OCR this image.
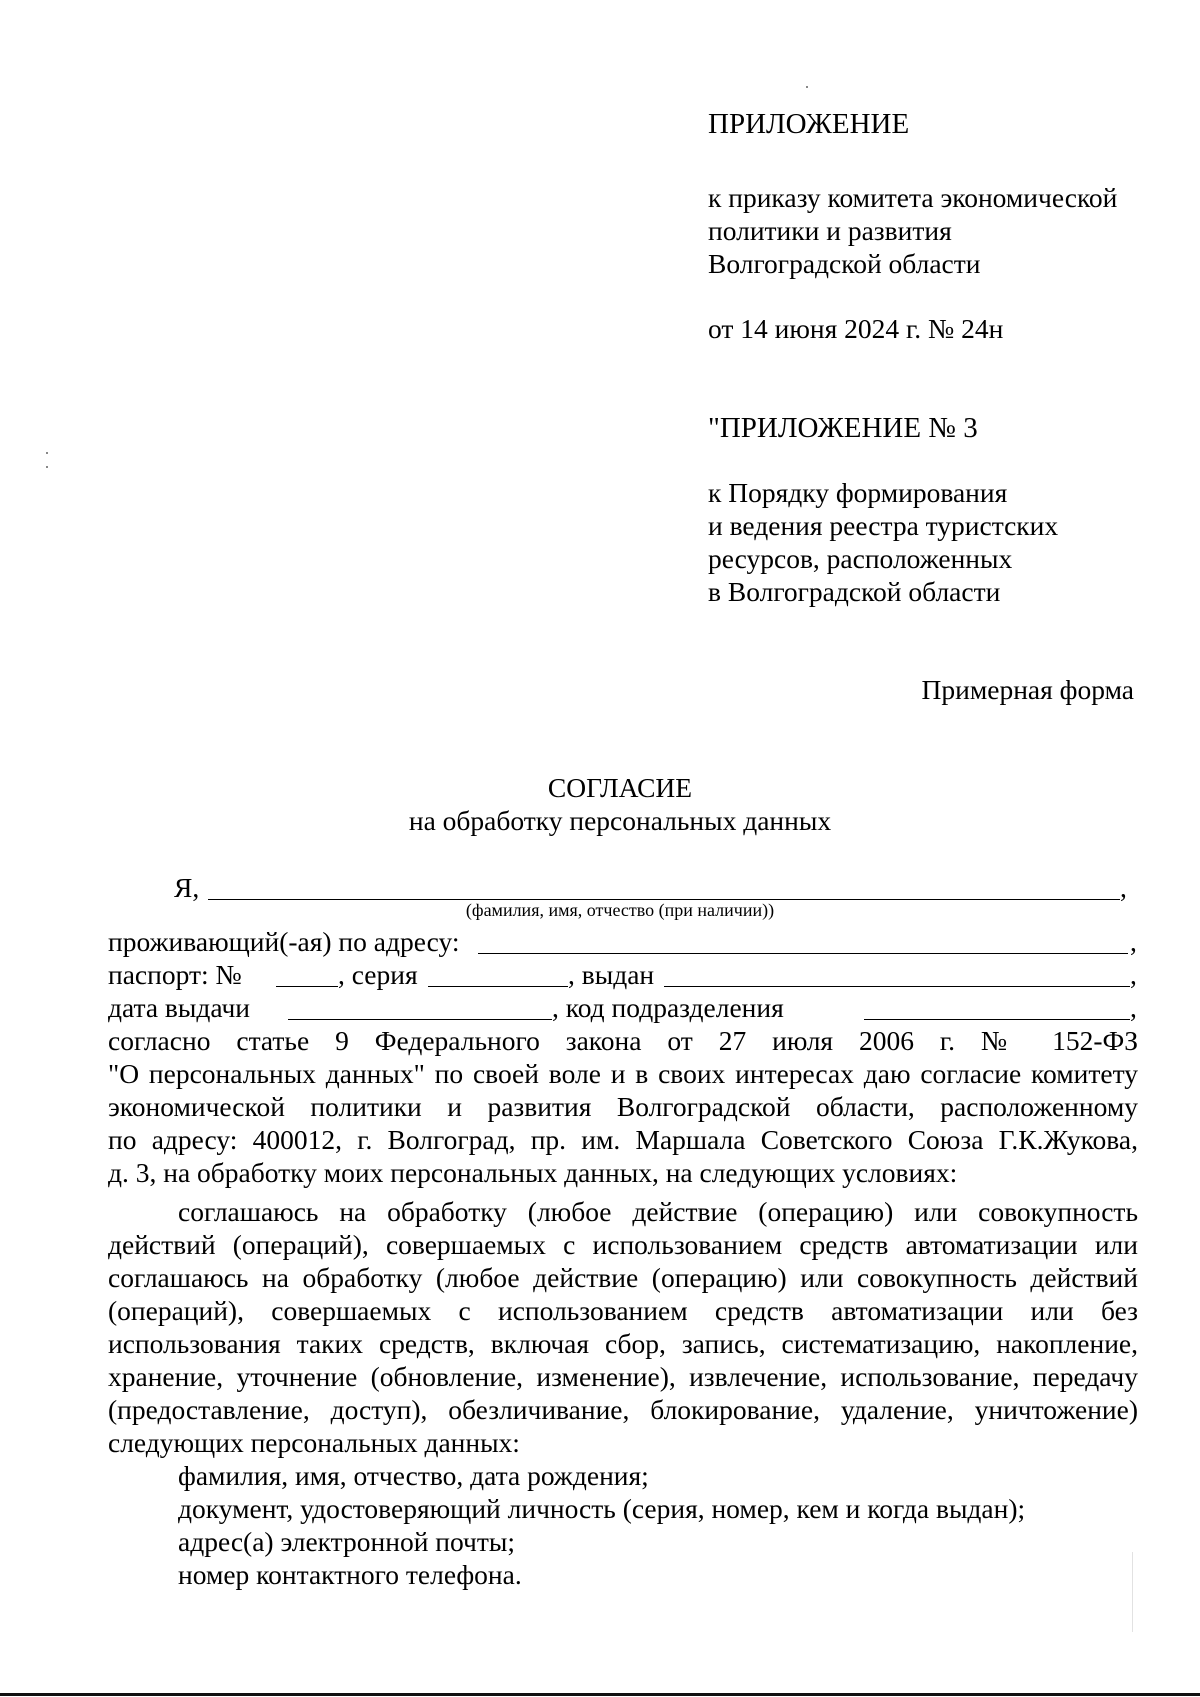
ПРИЛОЖЕНИЕ
к приказу комитета экономической
политики и развития
Волгоградской области
от 14 июня 2024 г. № 24н
"ПРИЛОЖЕНИЕ № 3
к Порядку формирования
и ведения реестра туристских
ресурсов, расположенных
в Волгоградской области
Примерная форма
СОГЛАСИЕ
на обработку персональных данных
Я,	,
(фамилия, имя, отчество (при наличии))
проживающий(-ая) по адресу:	,
паспорт: №	, серия	, выдан	,
дата выдачи	, код подразделения	,
согласно статье 9 Федерального закона от 27 июля 2006 г. № 152-ФЗ
"О персональных данных" по своей воле и в своих интересах даю согласие комитету
экономической политики и развития Волгоградской области, расположенному
по адресу: 400012, г. Волгоград, пр. им. Маршала Советского Союза Г.К.Жукова,
д. 3, на обработку моих персональных данных, на следующих условиях:
соглашаюсь на обработку (любое действие (операцию) или совокупность
действий (операций), совершаемых с использованием средств автоматизации или
соглашаюсь на обработку (любое действие (операцию) или совокупность действий
(операций), совершаемых с использованием средств автоматизации или без
использования таких средств, включая сбор, запись, систематизацию, накопление,
хранение, уточнение (обновление, изменение), извлечение, использование, передачу
(предоставление, доступ), обезличивание, блокирование, удаление, уничтожение)
следующих персональных данных:
фамилия, имя, отчество, дата рождения;
документ, удостоверяющий личность (серия, номер, кем и когда выдан);
адрес(а) электронной почты;
номер контактного телефона.
